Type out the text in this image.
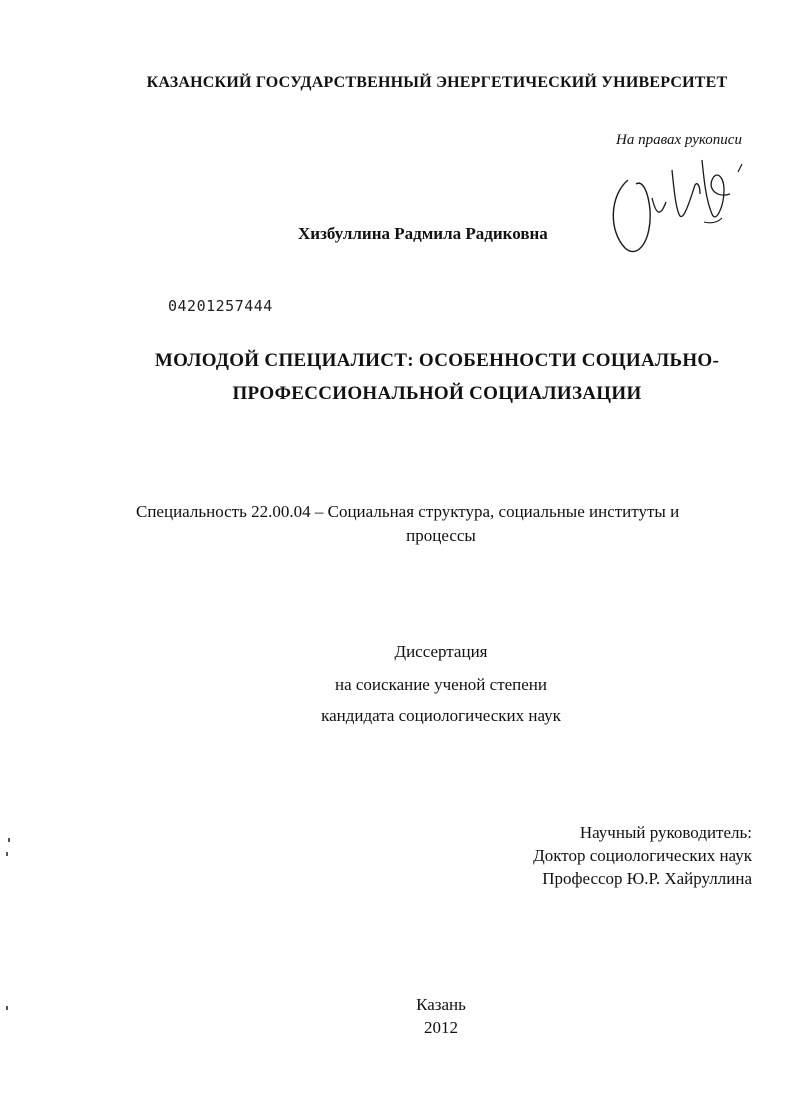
КАЗАНСКИЙ ГОСУДАРСТВЕННЫЙ ЭНЕРГЕТИЧЕСКИЙ УНИВЕРСИТЕТ
На правах рукописи
Хизбуллина Радмила Радиковна
04201257444
МОЛОДОЙ СПЕЦИАЛИСТ: ОСОБЕННОСТИ СОЦИАЛЬНО-
ПРОФЕССИОНАЛЬНОЙ СОЦИАЛИЗАЦИИ
Специальность 22.00.04 – Социальная структура, социальные институты и
процессы
Диссертация
на соискание ученой степени
кандидата социологических наук
Научный руководитель:
Доктор социологических наук
Профессор Ю.Р. Хайруллина
Казань
2012
